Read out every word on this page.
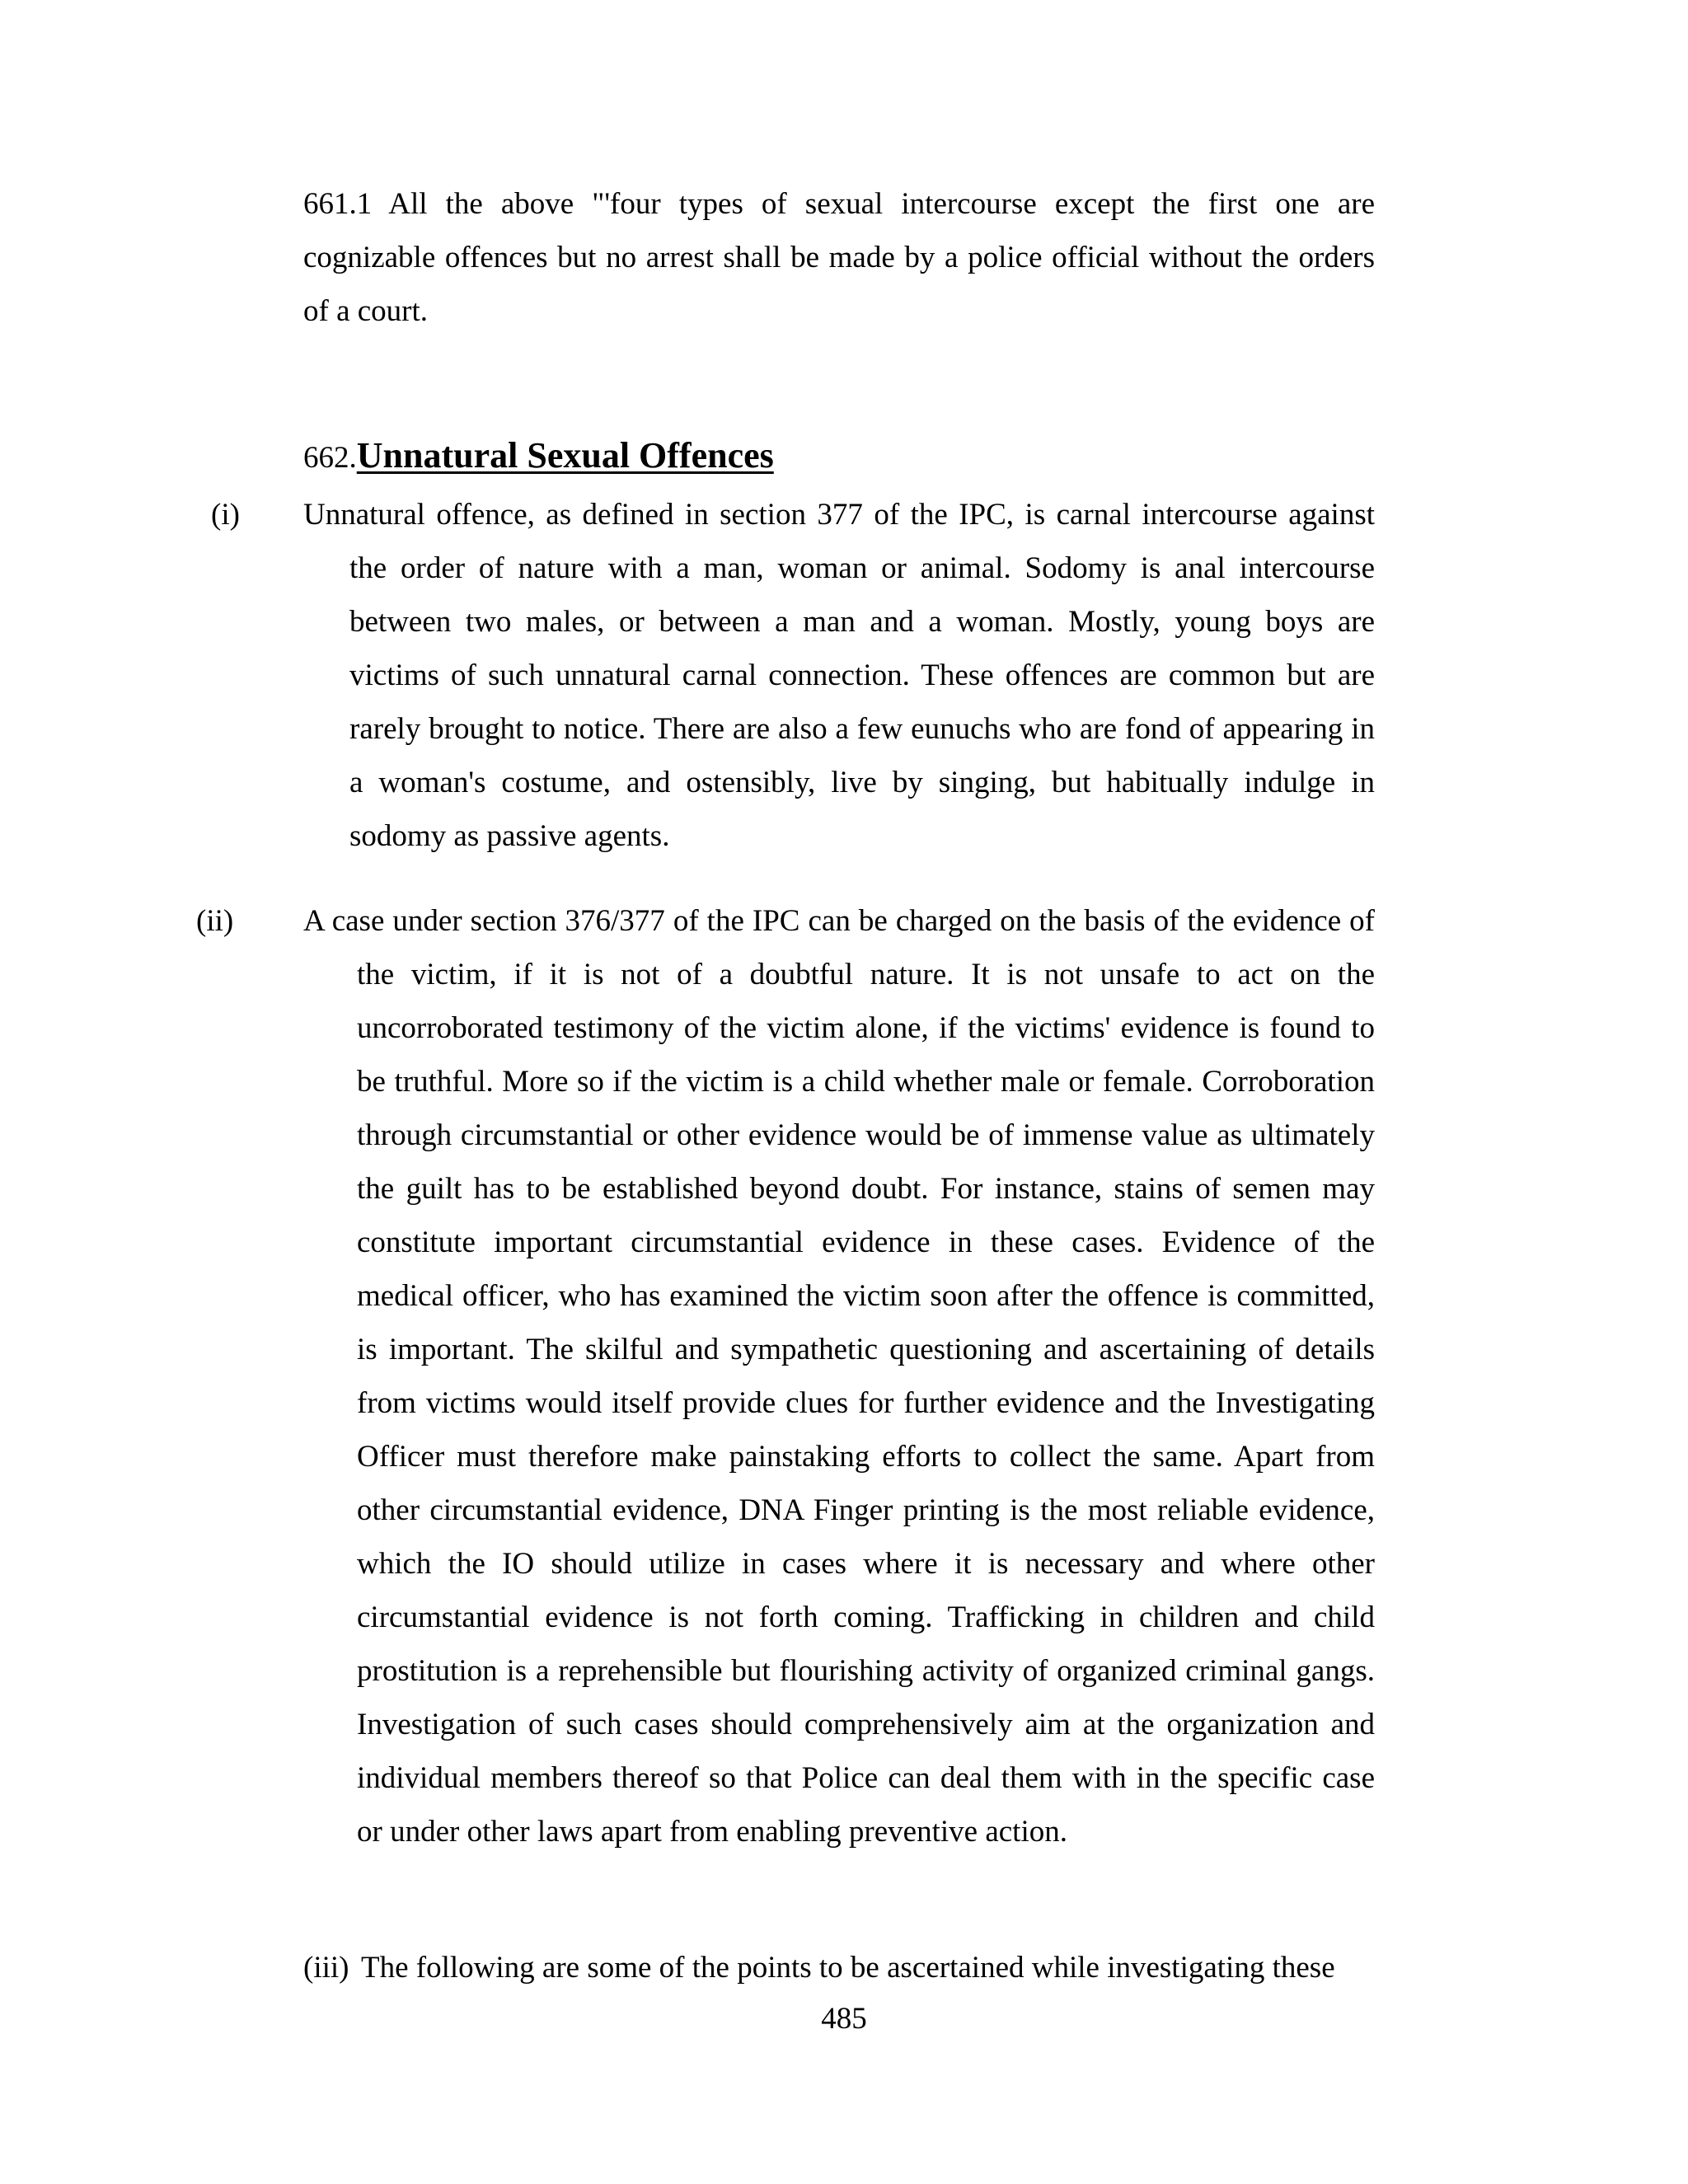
661.1 All the above "'four types of sexual intercourse except the first one are cognizable offences but no arrest shall be made by a police official without the orders of a court.

662.Unnatural Sexual Offences

(i) Unnatural offence, as defined in section 377 of the IPC, is carnal intercourse against the order of nature with a man, woman or animal. Sodomy is anal intercourse between two males, or between a man and a woman. Mostly, young boys are victims of such unnatural carnal connection. These offences are common but are rarely brought to notice. There are also a few eunuchs who are fond of appearing in a woman's costume, and ostensibly, live by singing, but habitually indulge in sodomy as passive agents.

(ii) A case under section 376/377 of the IPC can be charged on the basis of the evidence of the victim, if it is not of a doubtful nature. It is not unsafe to act on the uncorroborated testimony of the victim alone, if the victims' evidence is found to be truthful. More so if the victim is a child whether male or female. Corroboration through circumstantial or other evidence would be of immense value as ultimately the guilt has to be established beyond doubt. For instance, stains of semen may constitute important circumstantial evidence in these cases. Evidence of the medical officer, who has examined the victim soon after the offence is committed, is important. The skilful and sympathetic questioning and ascertaining of details from victims would itself provide clues for further evidence and the Investigating Officer must therefore make painstaking efforts to collect the same. Apart from other circumstantial evidence, DNA Finger printing is the most reliable evidence, which the IO should utilize in cases where it is necessary and where other circumstantial evidence is not forth coming. Trafficking in children and child prostitution is a reprehensible but flourishing activity of organized criminal gangs. Investigation of such cases should comprehensively aim at the organization and individual members thereof so that Police can deal them with in the specific case or under other laws apart from enabling preventive action.

(iii) The following are some of the points to be ascertained while investigating these

485
